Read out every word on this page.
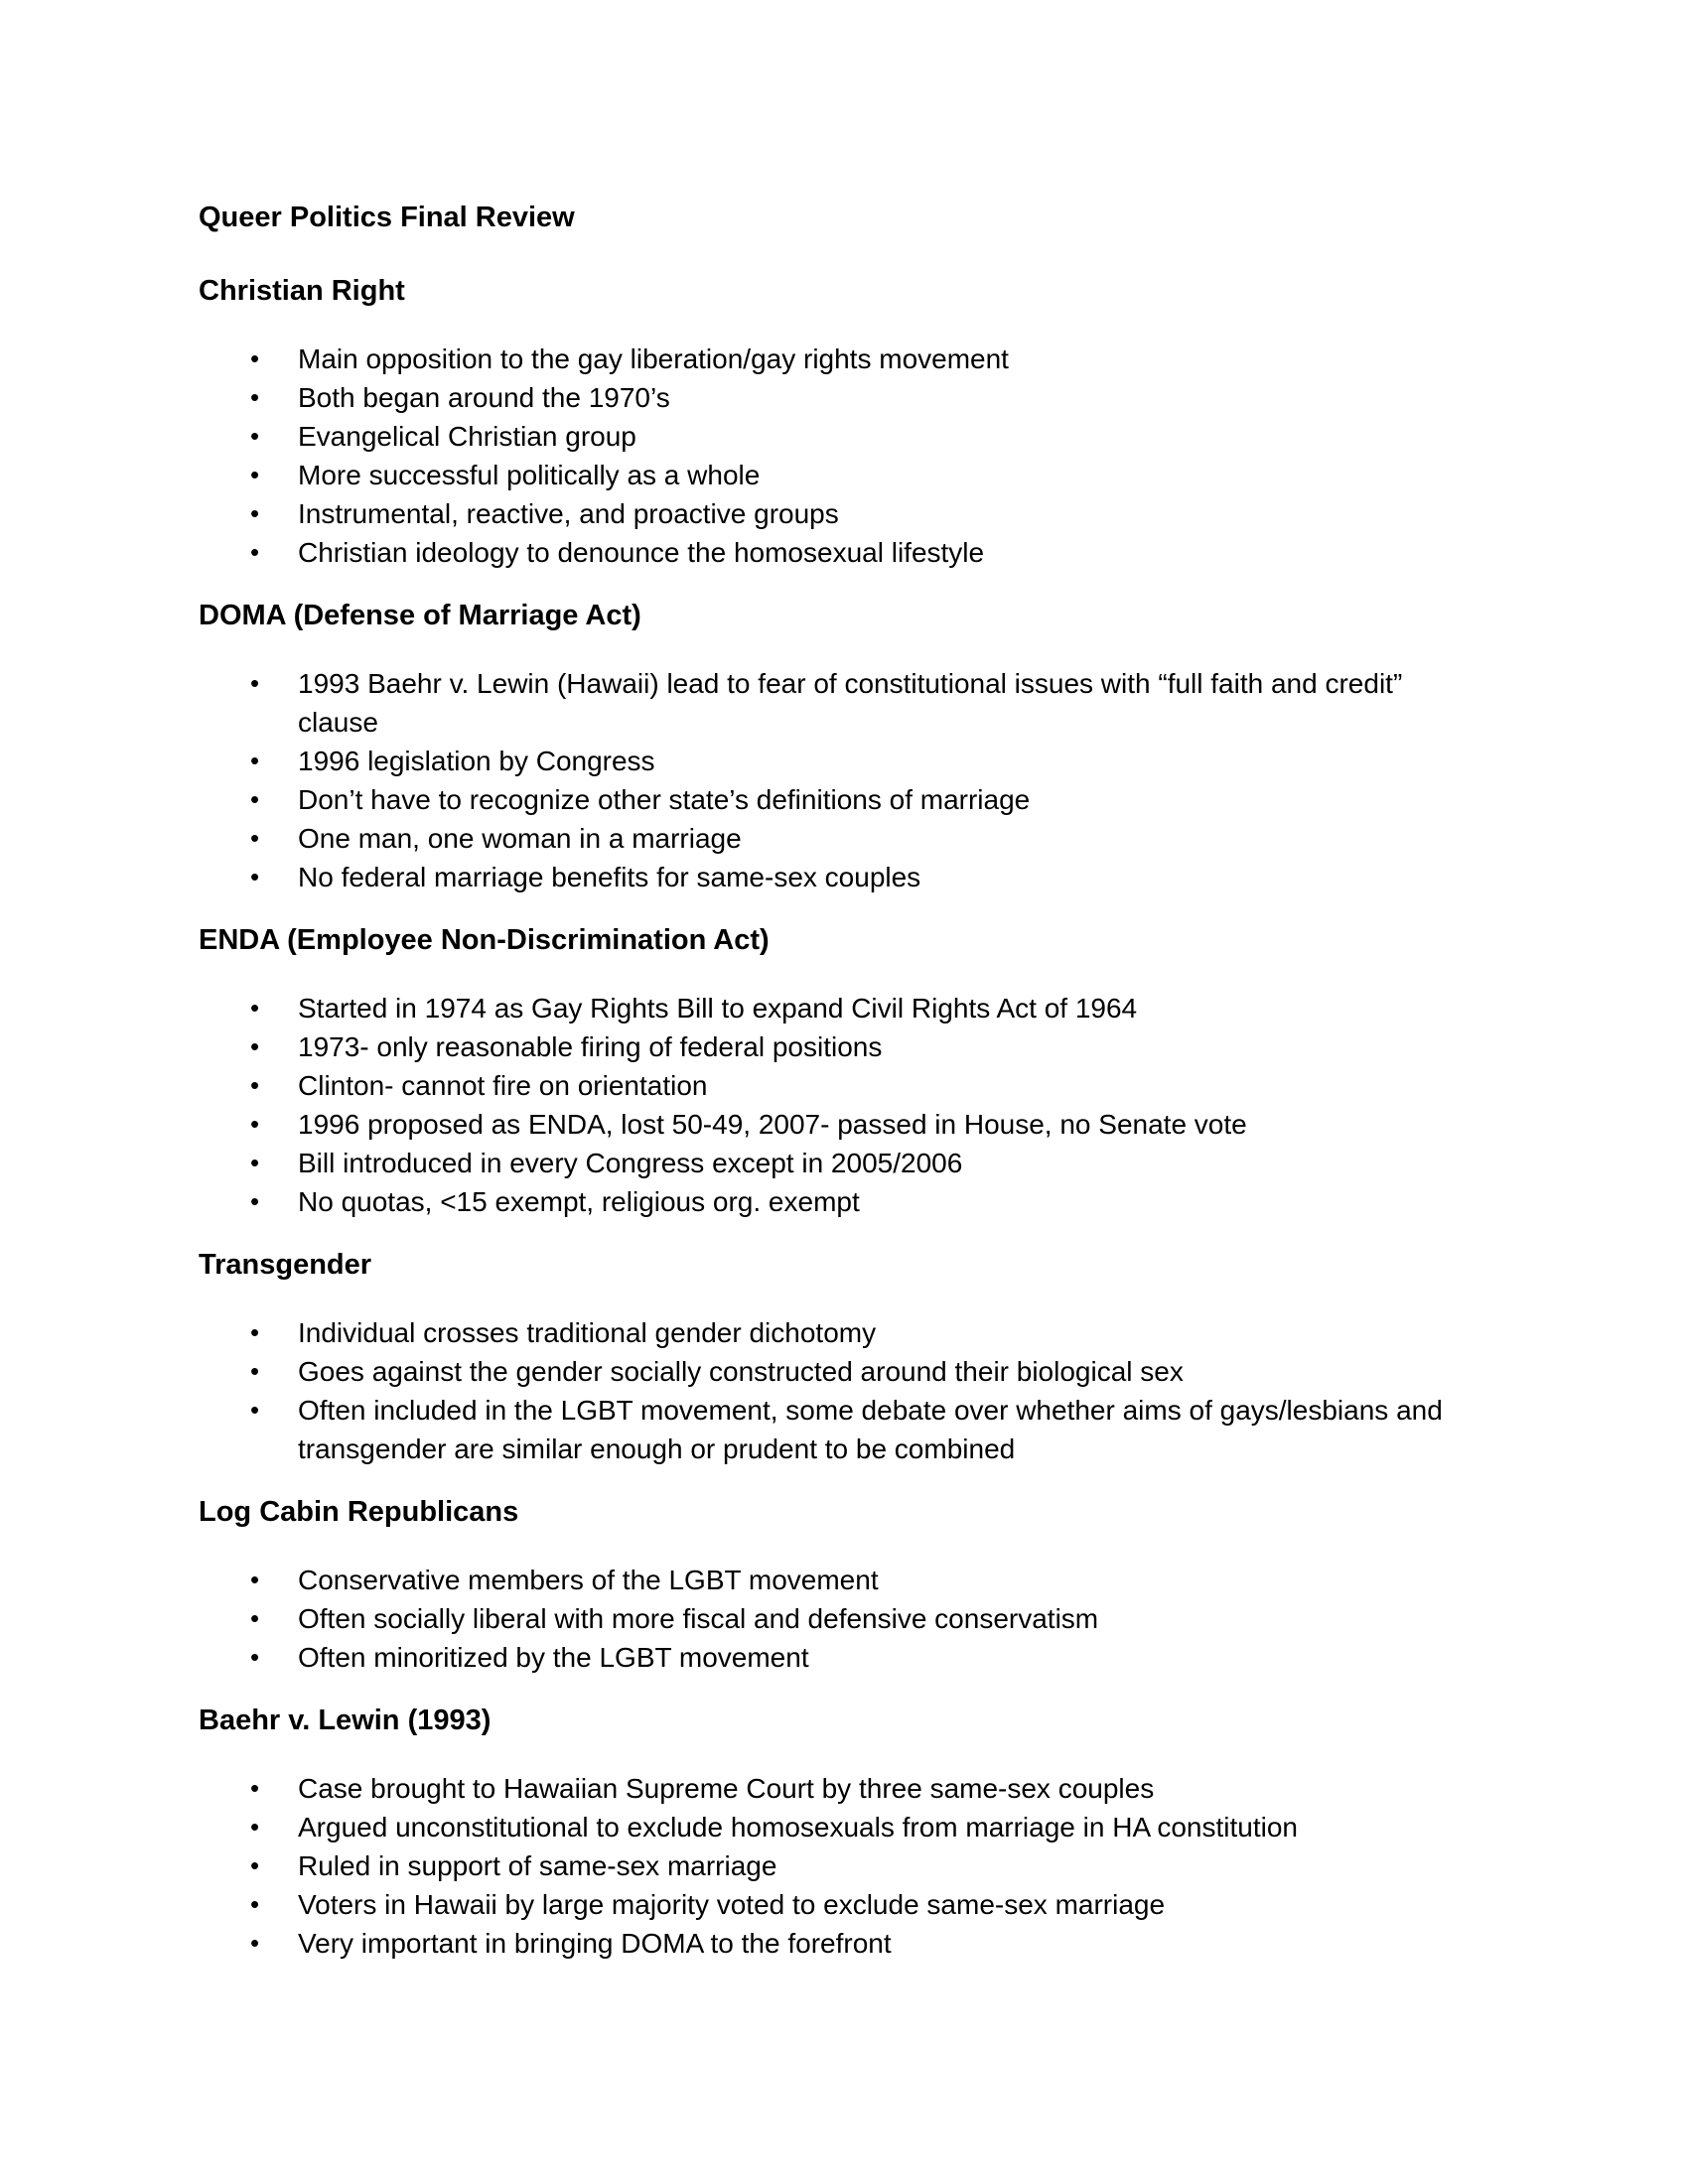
Queer Politics Final Review
Christian Right
• Main opposition to the gay liberation/gay rights movement
• Both began around the 1970’s
• Evangelical Christian group
• More successful politically as a whole
• Instrumental, reactive, and proactive groups
• Christian ideology to denounce the homosexual lifestyle
DOMA (Defense of Marriage Act)
• 1993 Baehr v. Lewin (Hawaii) lead to fear of constitutional issues with “full faith and credit” clause
• 1996 legislation by Congress
• Don’t have to recognize other state’s definitions of marriage
• One man, one woman in a marriage
• No federal marriage benefits for same-sex couples
ENDA (Employee Non-Discrimination Act)
• Started in 1974 as Gay Rights Bill to expand Civil Rights Act of 1964
• 1973- only reasonable firing of federal positions
• Clinton- cannot fire on orientation
• 1996 proposed as ENDA, lost 50-49, 2007- passed in House, no Senate vote
• Bill introduced in every Congress except in 2005/2006
• No quotas, <15 exempt, religious org. exempt
Transgender
• Individual crosses traditional gender dichotomy
• Goes against the gender socially constructed around their biological sex
• Often included in the LGBT movement, some debate over whether aims of gays/lesbians and transgender are similar enough or prudent to be combined
Log Cabin Republicans
• Conservative members of the LGBT movement
• Often socially liberal with more fiscal and defensive conservatism
• Often minoritized by the LGBT movement
Baehr v. Lewin (1993)
• Case brought to Hawaiian Supreme Court by three same-sex couples
• Argued unconstitutional to exclude homosexuals from marriage in HA constitution
• Ruled in support of same-sex marriage
• Voters in Hawaii by large majority voted to exclude same-sex marriage
• Very important in bringing DOMA to the forefront
